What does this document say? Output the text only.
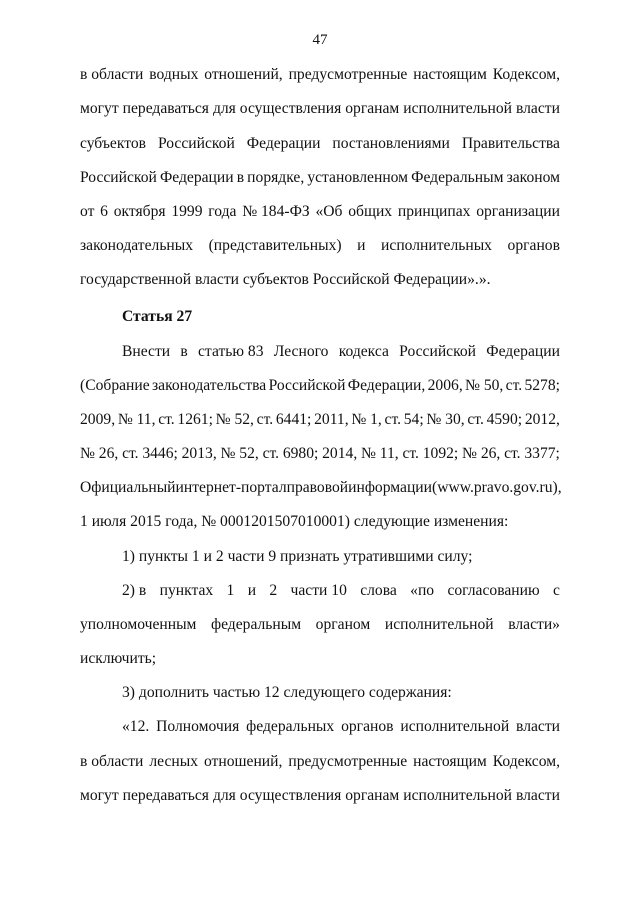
47
в области водных отношений, предусмотренные настоящим Кодексом,
могут передаваться для осуществления органам исполнительной власти
субъектов Российской Федерации постановлениями Правительства
Российской Федерации в порядке, установленном Федеральным законом
от 6 октября 1999 года № 184-ФЗ «Об общих принципах организации
законодательных (представительных) и исполнительных органов
государственной власти субъектов Российской Федерации».».
Статья 27
Внести в статью 83 Лесного кодекса Российской Федерации
(Собрание законодательства Российской Федерации, 2006, № 50, ст. 5278;
2009, № 11, ст. 1261; № 52, ст. 6441; 2011, № 1, ст. 54; № 30, ст. 4590; 2012,
№ 26, ст. 3446; 2013, № 52, ст. 6980; 2014, № 11, ст. 1092; № 26, ст. 3377;
Официальный интернет-портал правовой информации (www.pravo.gov.ru),
1 июля 2015 года, № 0001201507010001) следующие изменения:
1) пункты 1 и 2 части 9 признать утратившими силу;
2) в пунктах 1 и 2 части 10 слова «по согласованию с
уполномоченным федеральным органом исполнительной власти»
исключить;
3) дополнить частью 12 следующего содержания:
«12. Полномочия федеральных органов исполнительной власти
в области лесных отношений, предусмотренные настоящим Кодексом,
могут передаваться для осуществления органам исполнительной власти
